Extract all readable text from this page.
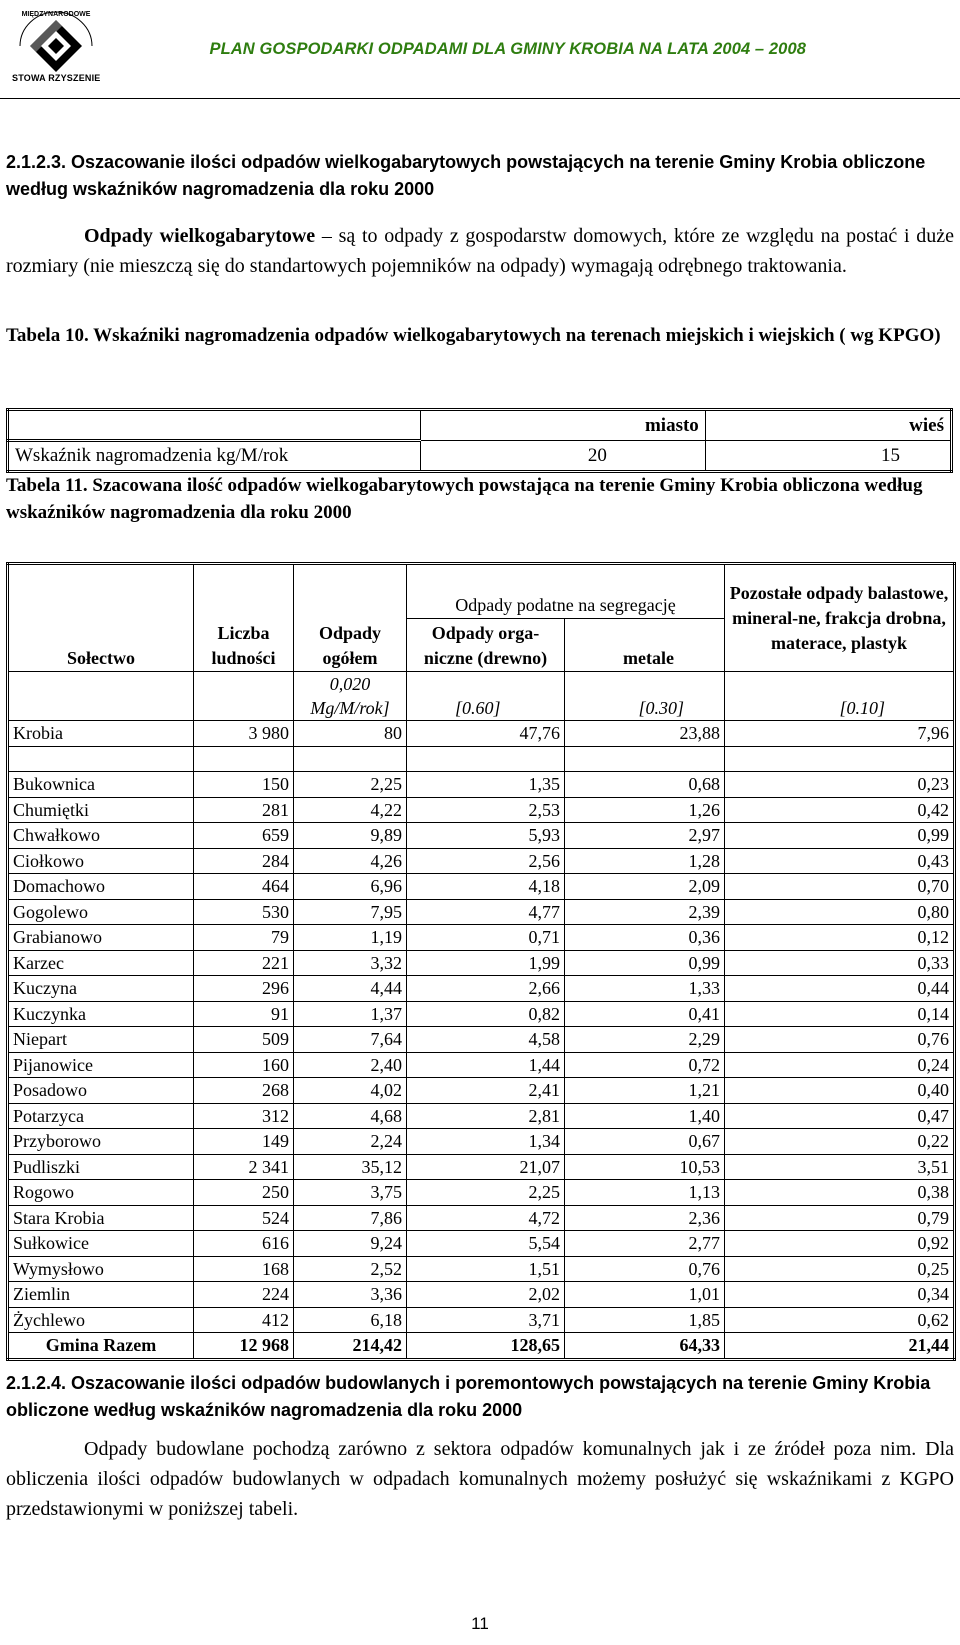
MIĘDZYNARODOWE
STOWA RZYSZENIE
PLAN GOSPODARKI ODPADAMI DLA GMINY KROBIA NA LATA 2004 – 2008
2.1.2.3. Oszacowanie ilości odpadów wielkogabarytowych powstających na terenie Gminy Krobia obliczone według wskaźników nagromadzenia dla roku 2000
Odpady wielkogabarytowe – są to odpady z gospodarstw domowych, które ze względu na postać i duże rozmiary (nie mieszczą się do standartowych pojemników na odpady) wymagają odrębnego traktowania.
Tabela 10. Wskaźniki nagromadzenia odpadów wielkogabarytowych na terenach miejskich i wiejskich ( wg KPGO)
	miasto	wieś
Wskaźnik nagromadzenia kg/M/rok	20	15
Tabela 11. Szacowana ilość odpadów wielkogabarytowych powstająca na terenie Gminy Krobia obliczona według wskaźników nagromadzenia dla roku 2000
Sołectwo	Liczba ludności	Odpady ogółem	Odpady podatne na segregację		Pozostałe odpady balastowe, mineral-ne, frakcja drobna, materace, plastyk
			Odpady orga-niczne (drewno)	metale	
		0,020 Mg/M/rok]	[0.60]	[0.30]	[0.10]
Krobia	3 980	80	47,76	23,88	7,96

Bukownica	150	2,25	1,35	0,68	0,23
Chumiętki	281	4,22	2,53	1,26	0,42
Chwałkowo	659	9,89	5,93	2,97	0,99
Ciołkowo	284	4,26	2,56	1,28	0,43
Domachowo	464	6,96	4,18	2,09	0,70
Gogolewo	530	7,95	4,77	2,39	0,80
Grabianowo	79	1,19	0,71	0,36	0,12
Karzec	221	3,32	1,99	0,99	0,33
Kuczyna	296	4,44	2,66	1,33	0,44
Kuczynka	91	1,37	0,82	0,41	0,14
Niepart	509	7,64	4,58	2,29	0,76
Pijanowice	160	2,40	1,44	0,72	0,24
Posadowo	268	4,02	2,41	1,21	0,40
Potarzyca	312	4,68	2,81	1,40	0,47
Przyborowo	149	2,24	1,34	0,67	0,22
Pudliszki	2 341	35,12	21,07	10,53	3,51
Rogowo	250	3,75	2,25	1,13	0,38
Stara Krobia	524	7,86	4,72	2,36	0,79
Sułkowice	616	9,24	5,54	2,77	0,92
Wymysłowo	168	2,52	1,51	0,76	0,25
Ziemlin	224	3,36	2,02	1,01	0,34
Żychlewo	412	6,18	3,71	1,85	0,62
Gmina Razem	12 968	214,42	128,65	64,33	21,44
2.1.2.4. Oszacowanie ilości odpadów budowlanych i poremontowych powstających na terenie Gminy Krobia obliczone według wskaźników nagromadzenia dla roku 2000
Odpady budowlane pochodzą zarówno z sektora odpadów komunalnych jak i ze źródeł poza nim. Dla obliczenia ilości odpadów budowlanych w odpadach komunalnych możemy posłużyć się wskaźnikami z KGPO przedstawionymi w poniższej tabeli.
11
